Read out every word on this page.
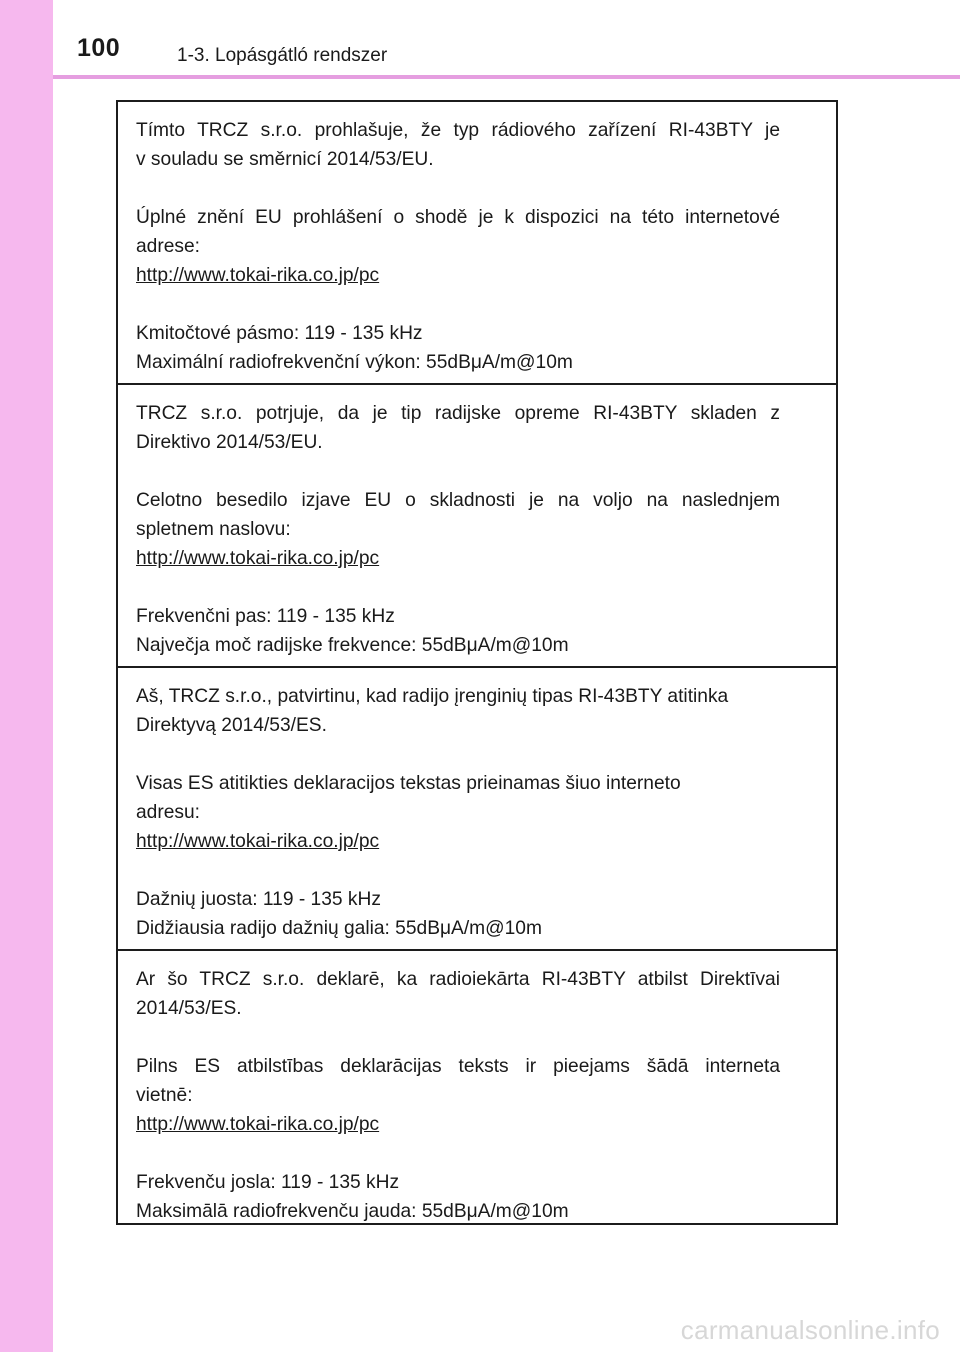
100	1-3. Lopásgátló rendszer
Tímto TRCZ s.r.o. prohlašuje, že typ rádiového zařízení RI-43BTY je
v souladu se směrnicí 2014/53/EU.
Úplné znění EU prohlášení o shodě je k dispozici na této internetové
adrese:
http://www.tokai-rika.co.jp/pc
Kmitočtové pásmo: 119 - 135 kHz
Maximální radiofrekvenční výkon: 55dBμA/m@10m
TRCZ s.r.o. potrjuje, da je tip radijske opreme RI-43BTY skladen z
Direktivo 2014/53/EU.
Celotno besedilo izjave EU o skladnosti je na voljo na naslednjem
spletnem naslovu:
http://www.tokai-rika.co.jp/pc
Frekvenčni pas: 119 - 135 kHz
Največja moč radijske frekvence: 55dBμA/m@10m
Aš, TRCZ s.r.o., patvirtinu, kad radijo įrenginių tipas RI-43BTY atitinka
Direktyvą 2014/53/ES.
Visas ES atitikties deklaracijos tekstas prieinamas šiuo interneto
adresu:
http://www.tokai-rika.co.jp/pc
Dažnių juosta: 119 - 135 kHz
Didžiausia radijo dažnių galia: 55dBμA/m@10m
Ar šo TRCZ s.r.o. deklarē, ka radioiekārta RI-43BTY atbilst Direktīvai
2014/53/ES.
Pilns ES atbilstības deklarācijas teksts ir pieejams šādā interneta
vietnē:
http://www.tokai-rika.co.jp/pc
Frekvenču josla: 119 - 135 kHz
Maksimālā radiofrekvenču jauda: 55dBμA/m@10m
carmanualsonline.info
